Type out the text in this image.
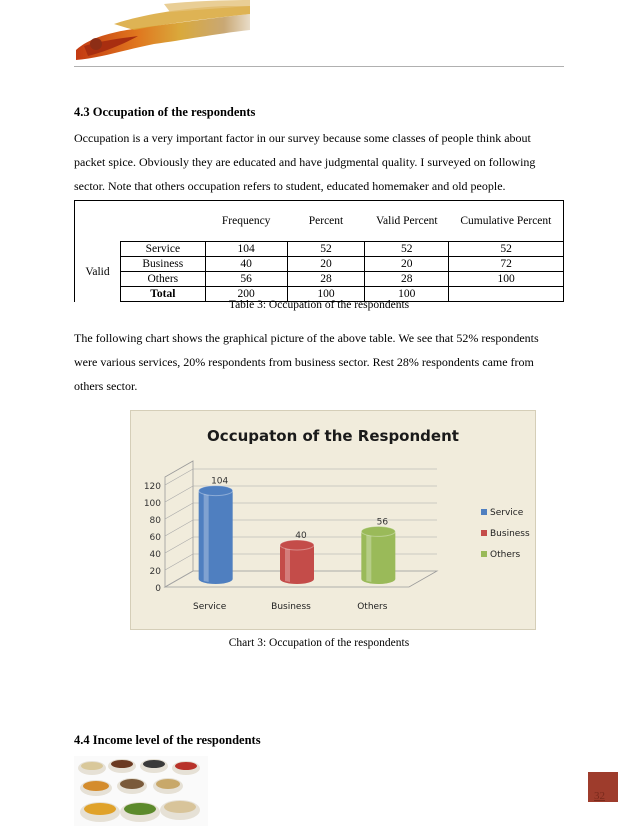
4.3 Occupation of the respondents
Occupation is a very important factor in our survey because some classes of people think about
packet spice. Obviously they are educated and have judgmental quality. I surveyed on following
sector. Note that others occupation refers to student, educated homemaker and old people.
		Frequency	Percent	Valid Percent	Cumulative Percent
Valid	Service	104	52	52	52
	Business	40	20	20	72
	Others	56	28	28	100
	Total	200	100	100	
Table 3: Occupation of the respondents
The following chart shows the graphical picture of the above table. We see that 52% respondents
were various services, 20% respondents from business sector. Rest 28% respondents came from
others sector.
Occupaton of the Respondent
0
20
40
60
80
100
120
104
Service
40
Business
56
Others
Service
Business
Others
Chart 3: Occupation of the respondents
4.4 Income level of the respondents
32
